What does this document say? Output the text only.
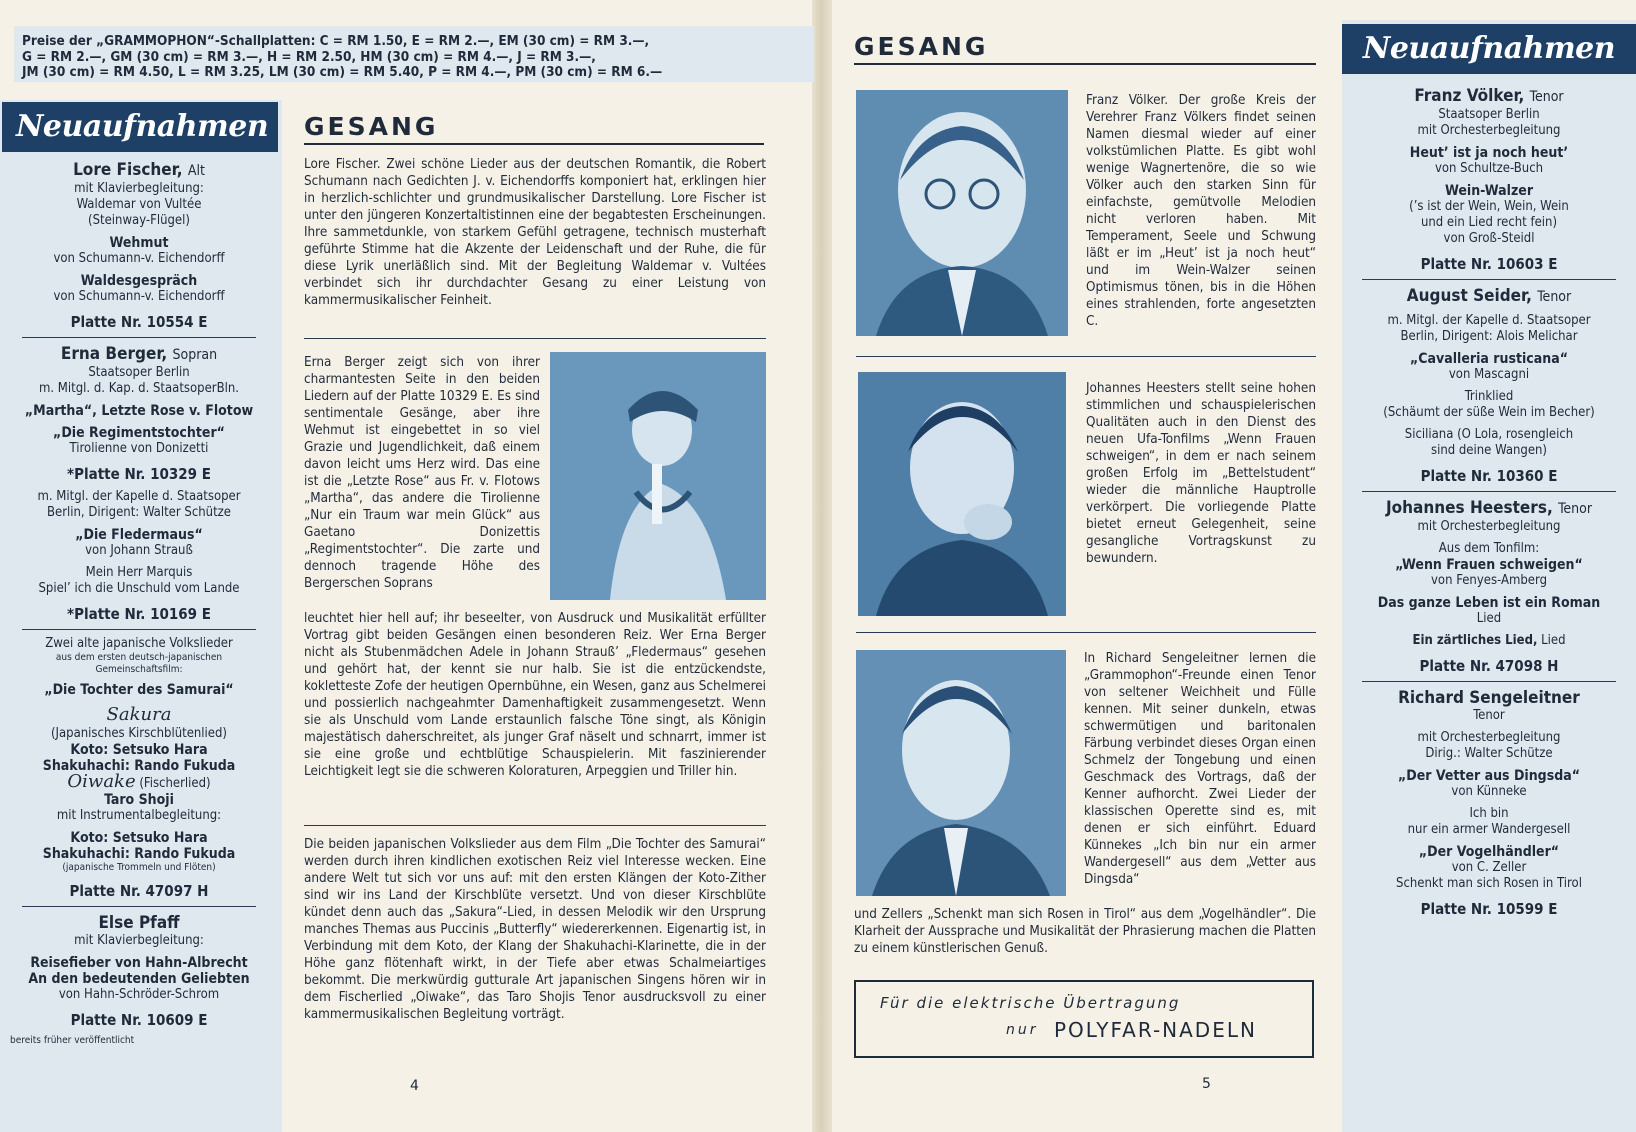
Preise der „GRAMMOPHON“-Schallplatten: C = RM 1.50, E = RM 2.—, EM (30 cm) = RM 3.—,
G = RM 2.—, GM (30 cm) = RM 3.—, H = RM 2.50, HM (30 cm) = RM 4.—, J = RM 3.—,
JM (30 cm) = RM 4.50, L = RM 3.25, LM (30 cm) = RM 5.40, P = RM 4.—, PM (30 cm) = RM 6.—
Neuaufnahmen

Lore Fischer, Alt

mit Klavierbegleitung:

Waldemar von Vultée

(Steinway-Flügel)

Wehmut

von Schumann-v. Eichendorff

Waldesgespräch

von Schumann-v. Eichendorff

Platte Nr. 10554 E

Erna Berger, Sopran

Staatsoper Berlin

m. Mitgl. d. Kap. d. StaatsoperBln.

„Martha“, Letzte Rose v. Flotow

„Die Regimentstochter“

Tirolienne von Donizetti

*Platte Nr. 10329 E

m. Mitgl. der Kapelle d. Staatsoper

Berlin, Dirigent: Walter Schütze

„Die Fledermaus“

von Johann Strauß

Mein Herr Marquis

Spiel’ ich die Unschuld vom Lande

*Platte Nr. 10169 E

Zwei alte japanische Volkslieder

aus dem ersten deutsch-japanischen

Gemeinschaftsfilm:

„Die Tochter des Samurai“

Sakura

(Japanisches Kirschblütenlied)

Koto: Setsuko Hara

Shakuhachi: Rando Fukuda

Oiwake (Fischerlied)

Taro Shoji

mit Instrumentalbegleitung:

Koto: Setsuko Hara

Shakuhachi: Rando Fukuda

(japanische Trommeln und Flöten)

Platte Nr. 47097 H

Else Pfaff

mit Klavierbegleitung:

Reisefieber von Hahn-Albrecht

An den bedeutenden Geliebten

von Hahn-Schröder-Schrom

Platte Nr. 10609 E

bereits früher veröffentlicht

GESANG

Lore Fischer. Zwei schöne Lieder aus der deutschen Romantik, die Robert Schumann nach Gedichten J. v. Eichendorffs komponiert hat, erklingen hier in herzlich-schlichter und grundmusikalischer Darstellung. Lore Fischer ist unter den jüngeren Konzertaltistinnen eine der begabtesten Erscheinungen. Ihre sammetdunkle, von starkem Gefühl getragene, technisch musterhaft geführte Stimme hat die Akzente der Leidenschaft und der Ruhe, die für diese Lyrik unerläßlich sind. Mit der Begleitung Waldemar v. Vultées verbindet sich ihr durchdachter Gesang zu einer Leistung von kammermusikalischer Feinheit.

Erna Berger zeigt sich von ihrer charmantesten Seite in den beiden Liedern auf der Platte 10329 E. Es sind sentimentale Gesänge, aber ihre Wehmut ist eingebettet in so viel Grazie und Jugendlichkeit, daß einem davon leicht ums Herz wird. Das eine ist die „Letzte Rose“ aus Fr. v. Flotows „Martha“, das andere die Tirolienne „Nur ein Traum war mein Glück“ aus Gaetano Donizettis „Regimentstochter“. Die zarte und dennoch tragende Höhe des Bergerschen Soprans

leuchtet hier hell auf; ihr beseelter, von Ausdruck und Musikalität erfüllter Vortrag gibt beiden Gesängen einen besonderen Reiz. Wer Erna Berger nicht als Stubenmädchen Adele in Johann Strauß’ „Fledermaus“ gesehen und gehört hat, der kennt sie nur halb. Sie ist die entzückendste, kokletteste Zofe der heutigen Opernbühne, ein Wesen, ganz aus Schelmerei und possierlich nachgeahmter Damenhaftigkeit zusammengesetzt. Wenn sie als Unschuld vom Lande erstaunlich falsche Töne singt, als Königin majestätisch daherschreitet, als junger Graf näselt und schnarrt, immer ist sie eine große und echtblütige Schauspielerin. Mit faszinierender Leichtigkeit legt sie die schweren Koloraturen, Arpeggien und Triller hin.

Die beiden japanischen Volkslieder aus dem Film „Die Tochter des Samurai“ werden durch ihren kindlichen exotischen Reiz viel Interesse wecken. Eine andere Welt tut sich vor uns auf: mit den ersten Klängen der Koto-Zither sind wir ins Land der Kirschblüte versetzt. Und von dieser Kirschblüte kündet denn auch das „Sakura“-Lied, in dessen Melodik wir den Ursprung manches Themas aus Puccinis „Butterfly“ wiedererkennen. Eigenartig ist, in Verbindung mit dem Koto, der Klang der Shakuhachi-Klarinette, die in der Höhe ganz flötenhaft wirkt, in der Tiefe aber etwas Schalmeiartiges bekommt. Die merkwürdig gutturale Art japanischen Singens hören wir in dem Fischerlied „Oiwake“, das Taro Shojis Tenor ausdrucksvoll zu einer kammermusikalischen Begleitung vorträgt.

4
GESANG

Franz Völker. Der große Kreis der Verehrer Franz Völkers findet seinen Namen diesmal wieder auf einer volkstümlichen Platte. Es gibt wohl wenige Wagnertenöre, die so wie Völker auch den starken Sinn für einfachste, gemütvolle Melodien nicht verloren haben. Mit Temperament, Seele und Schwung läßt er im „Heut’ ist ja noch heut“ und im Wein-Walzer seinen Optimismus tönen, bis in die Höhen eines strahlenden, forte angesetzten C.

Johannes Heesters stellt seine hohen stimmlichen und schauspielerischen Qualitäten auch in den Dienst des neuen Ufa-Tonfilms „Wenn Frauen schweigen“, in dem er nach seinem großen Erfolg im „Bettelstudent“ wieder die männliche Hauptrolle verkörpert. Die vorliegende Platte bietet erneut Gelegenheit, seine gesangliche Vortragskunst zu bewundern.

In Richard Sengeleitner lernen die „Grammophon“-Freunde einen Tenor von seltener Weichheit und Fülle kennen. Mit seiner dunkeln, etwas schwermütigen und baritonalen Färbung verbindet dieses Organ einen Schmelz der Tongebung und einen Geschmack des Vortrags, daß der Kenner aufhorcht. Zwei Lieder der klassischen Operette sind es, mit denen er sich einführt. Eduard Künnekes „Ich bin nur ein armer Wandergesell“ aus dem „Vetter aus Dingsda“

und Zellers „Schenkt man sich Rosen in Tirol“ aus dem „Vogelhändler“. Die Klarheit der Aussprache und Musikalität der Phrasierung machen die Platten zu einem künstlerischen Genuß.

Für die elektrische Übertragung
nur POLYFAR-NADELN
5
Neuaufnahmen

Franz Völker, Tenor

Staatsoper Berlin

mit Orchesterbegleitung

Heut’ ist ja noch heut’

von Schultze-Buch

Wein-Walzer

(’s ist der Wein, Wein, Wein

und ein Lied recht fein)

von Groß-Steidl

Platte Nr. 10603 E

August Seider, Tenor

m. Mitgl. der Kapelle d. Staatsoper

Berlin, Dirigent: Alois Melichar

„Cavalleria rusticana“

von Mascagni

Trinklied

(Schäumt der süße Wein im Becher)

Siciliana (O Lola, rosengleich

sind deine Wangen)

Platte Nr. 10360 E

Johannes Heesters, Tenor

mit Orchesterbegleitung

Aus dem Tonfilm:

„Wenn Frauen schweigen“

von Fenyes-Amberg

Das ganze Leben ist ein Roman

Lied

Ein zärtliches Lied, Lied

Platte Nr. 47098 H

Richard Sengeleitner

Tenor

mit Orchesterbegleitung

Dirig.: Walter Schütze

„Der Vetter aus Dingsda“

von Künneke

Ich bin

nur ein armer Wandergesell

„Der Vogelhändler“

von C. Zeller

Schenkt man sich Rosen in Tirol

Platte Nr. 10599 E
